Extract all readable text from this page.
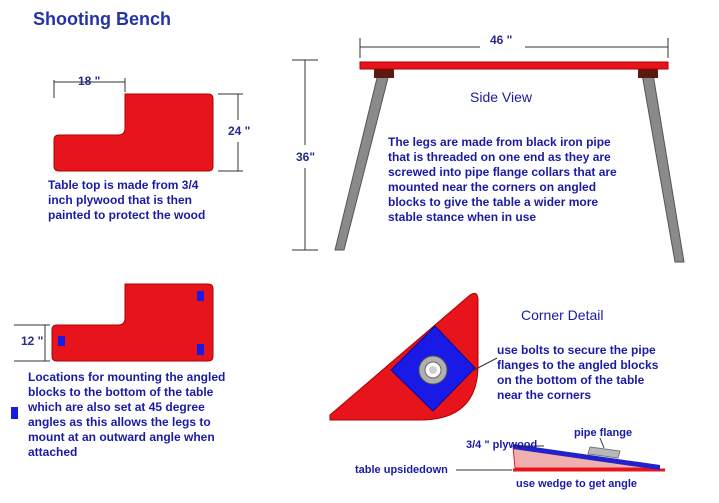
Shooting Bench
18 "
24 "
Table top is made from 3/4
inch plywood that is then
painted to protect the wood
46 "
36"
Side View
The legs are made from black iron pipe
that is threaded on one end as they are
screwed into pipe flange collars that are
mounted near the corners on angled
blocks to give the table a wider more
stable stance when in use
12 "
Locations for mounting the angled
blocks to the bottom of the table
which are also set at 45 degree
angles as this allows the legs to
mount at an outward angle when
attached
Corner Detail
use bolts to secure the pipe
flanges to the angled blocks
on the bottom of the table
near the corners
3/4 " plywood
pipe flange
table upsidedown
use wedge to get angle
